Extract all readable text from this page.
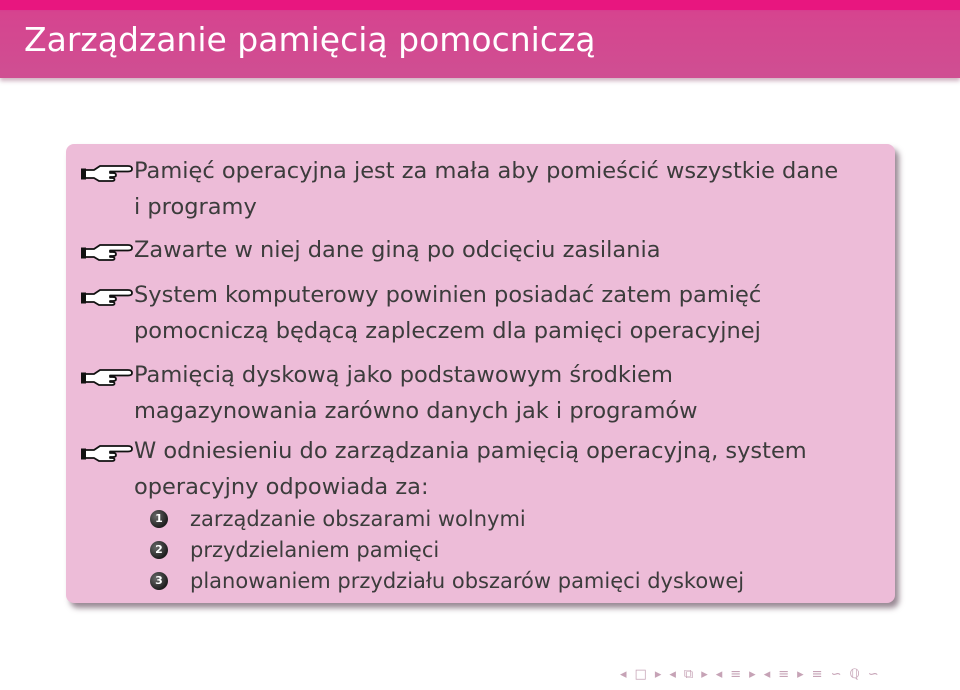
Zarządzanie pamięcią pomocniczą
Pamięć operacyjna jest za mała aby pomieścić wszystkie dane
i programy
Zawarte w niej dane giną po odcięciu zasilania
System komputerowy powinien posiadać zatem pamięć
pomocniczą będącą zapleczem dla pamięci operacyjnej
Pamięcią dyskową jako podstawowym środkiem
magazynowania zarówno danych jak i programów
W odniesieniu do zarządzania pamięcią operacyjną, system
operacyjny odpowiada za:
1 zarządzanie obszarami wolnymi
2 przydzielaniem pamięci
3 planowaniem przydziału obszarów pamięci dyskowej
◂ □ ▸ ◂ ⧉ ▸ ◂ ≡ ▸ ◂ ≡ ▸ ≡ ∽ ℚ ∽
